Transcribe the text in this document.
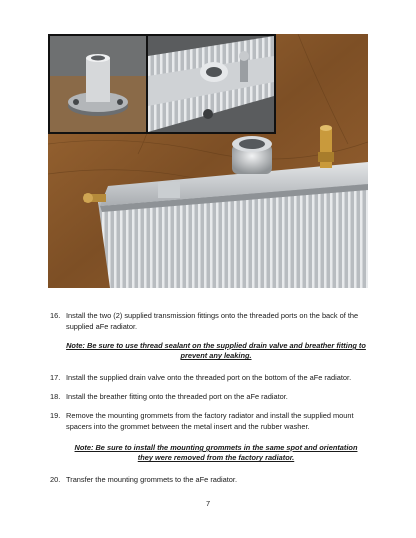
16. Install the two (2) supplied transmission fittings onto the threaded ports on the back of the supplied aFe radiator.
Note: Be sure to use thread sealant on the supplied drain valve and breather fitting to prevent any leaking.
17. Install the supplied drain valve onto the threaded port on the bottom of the aFe radiator.
18. Install the breather fitting onto the threaded port on the aFe radiator.
19. Remove the mounting grommets from the factory radiator and install the supplied mount spacers into the grommet between the metal insert and the rubber washer.
Note: Be sure to install the mounting grommets in the same spot and orientation they were removed from the factory radiator.
20. Transfer the mounting grommets to the aFe radiator.
7
